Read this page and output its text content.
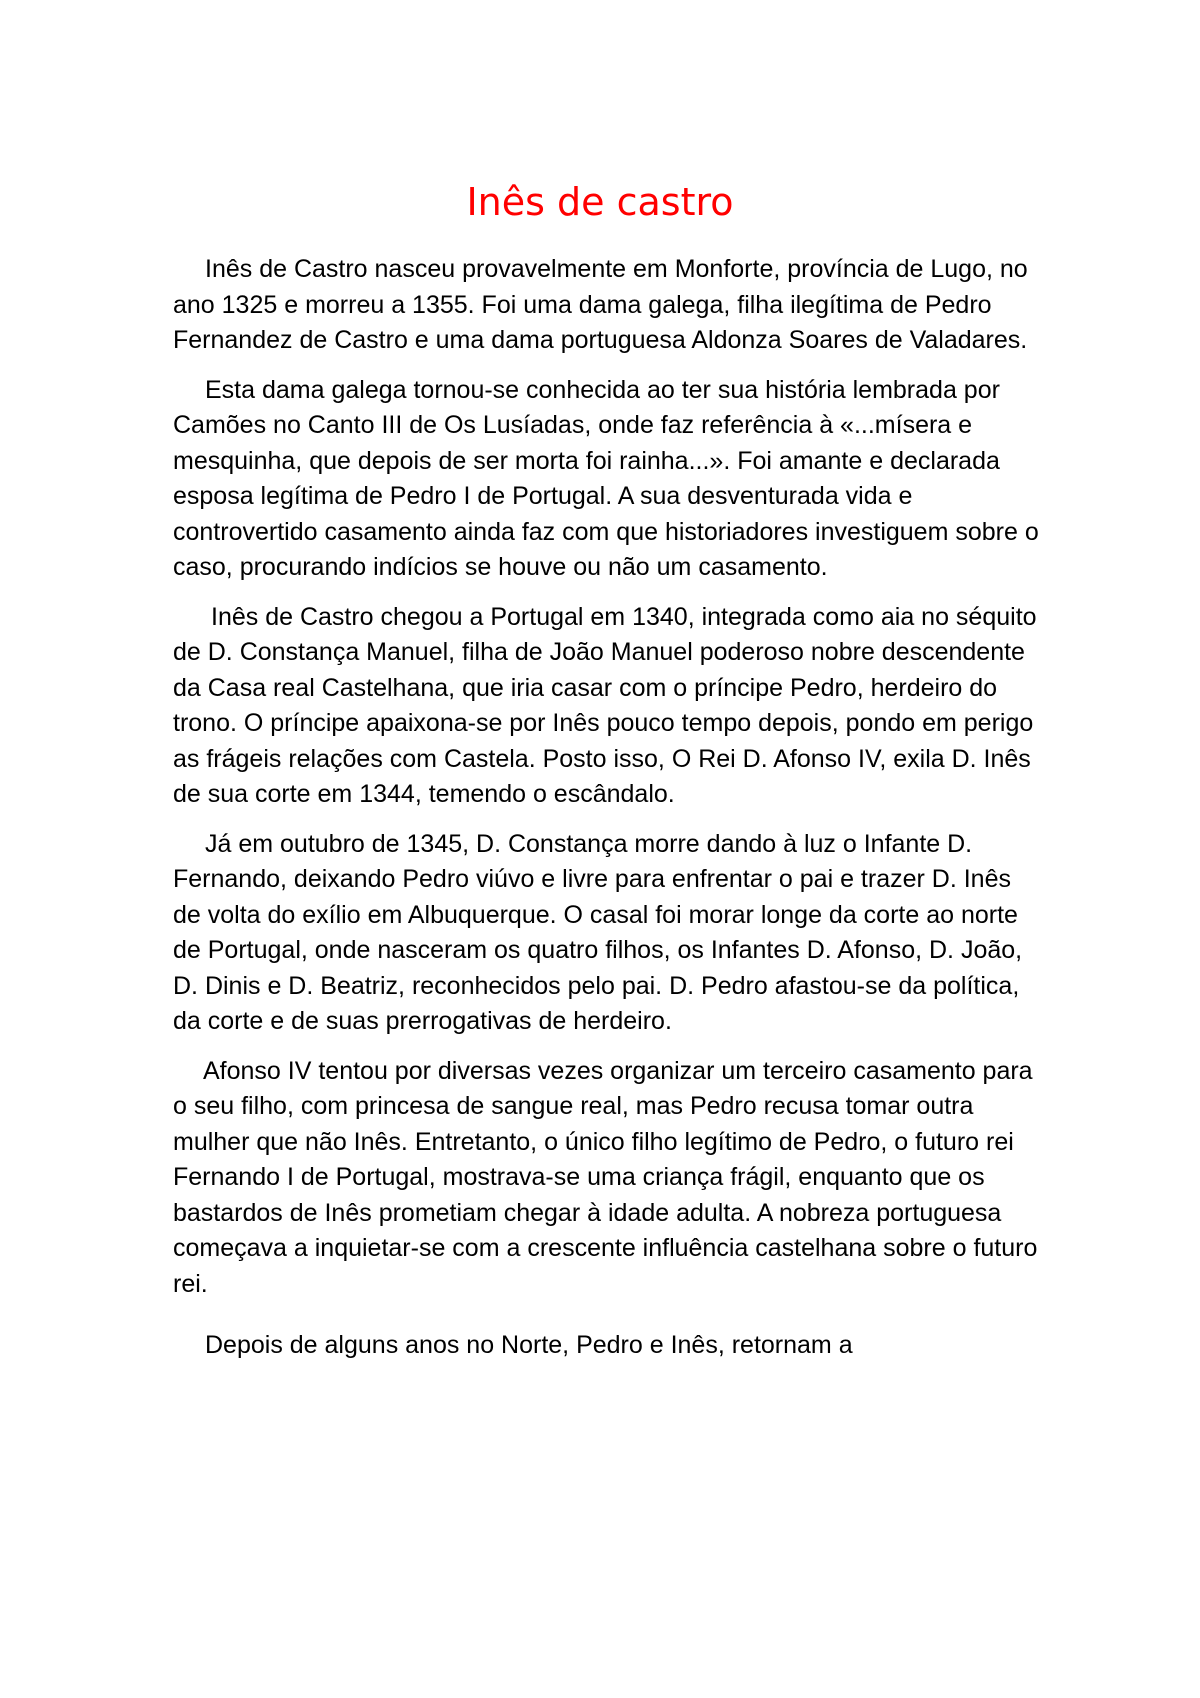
Inês de castro

Inês de Castro nasceu provavelmente em Monforte, província de Lugo, no ano 1325 e morreu a 1355. Foi uma dama galega, filha ilegítima de Pedro Fernandez de Castro e uma dama portuguesa Aldonza Soares de Valadares.

Esta dama galega tornou-se conhecida ao ter sua história lembrada por Camões no Canto III de Os Lusíadas, onde faz referência à «...mísera e mesquinha, que depois de ser morta foi rainha...». Foi amante e declarada esposa legítima de Pedro I de Portugal. A sua desventurada vida e controvertido casamento ainda faz com que historiadores investiguem sobre o caso, procurando indícios se houve ou não um casamento.

Inês de Castro chegou a Portugal em 1340, integrada como aia no séquito de D. Constança Manuel, filha de João Manuel poderoso nobre descendente da Casa real Castelhana, que iria casar com o príncipe Pedro, herdeiro do trono. O príncipe apaixona-se por Inês pouco tempo depois, pondo em perigo as frágeis relações com Castela. Posto isso, O Rei D. Afonso IV, exila D. Inês de sua corte em 1344, temendo o escândalo.

Já em outubro de 1345, D. Constança morre dando à luz o Infante D. Fernando, deixando Pedro viúvo e livre para enfrentar o pai e trazer D. Inês de volta do exílio em Albuquerque. O casal foi morar longe da corte ao norte de Portugal, onde nasceram os quatro filhos, os Infantes D. Afonso, D. João, D. Dinis e D. Beatriz, reconhecidos pelo pai. D. Pedro afastou-se da política, da corte e de suas prerrogativas de herdeiro.

Afonso IV tentou por diversas vezes organizar um terceiro casamento para o seu filho, com princesa de sangue real, mas Pedro recusa tomar outra mulher que não Inês. Entretanto, o único filho legítimo de Pedro, o futuro rei Fernando I de Portugal, mostrava-se uma criança frágil, enquanto que os bastardos de Inês prometiam chegar à idade adulta. A nobreza portuguesa começava a inquietar-se com a crescente influência castelhana sobre o futuro rei.

Depois de alguns anos no Norte, Pedro e Inês, retornam a
